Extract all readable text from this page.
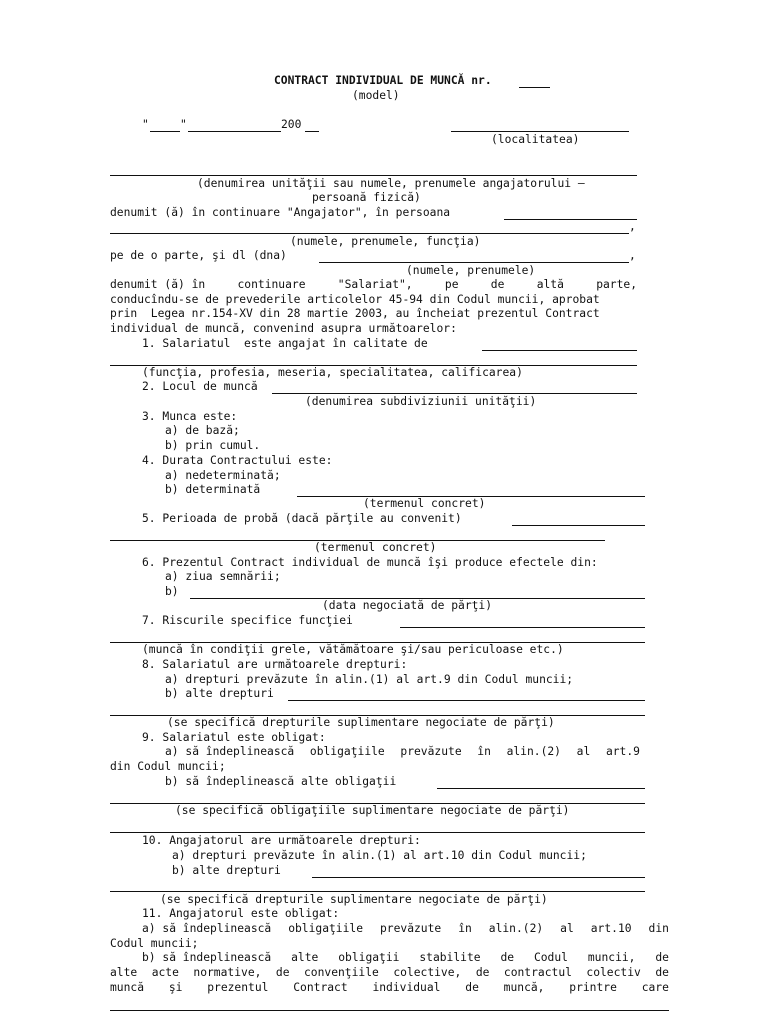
CONTRACT INDIVIDUAL DE MUNCĂ nr.
(model)
"	"	200
(localitatea)
(denumirea unităţii sau numele, prenumele angajatorului –
persoană fizică)
denumit (ă) în continuare "Angajator", în persoana
,
(numele, prenumele, funcţia)
pe de o parte, şi dl (dna)	,
(numele, prenumele)
denumit (ă) în	continuare	"Salariat",	pe	de	altă	parte,
conducîndu-se de prevederile articolelor 45-94 din Codul muncii, aprobat
prin  Legea nr.154-XV din 28 martie 2003, au încheiat prezentul Contract
individual de muncă, convenind asupra următoarelor:
1. Salariatul  este angajat în calitate de
(funcţia, profesia, meseria, specialitatea, calificarea)
2. Locul de muncă
(denumirea subdiviziunii unităţii)
3. Munca este:
a) de bază;
b) prin cumul.
4. Durata Contractului este:
a) nedeterminată;
b) determinată
(termenul concret)
5. Perioada de probă (dacă părţile au convenit)
(termenul concret)
6. Prezentul Contract individual de muncă îşi produce efectele din:
a) ziua semnării;
b)
(data negociată de părţi)
7. Riscurile specifice funcţiei
(muncă în condiţii grele, vătămătoare şi/sau periculoase etc.)
8. Salariatul are următoarele drepturi:
a) drepturi prevăzute în alin.(1) al art.9 din Codul muncii;
b) alte drepturi
(se specifică drepturile suplimentare negociate de părţi)
9. Salariatul este obligat:
a) să îndeplinească obligaţiile prevăzute în alin.(2) al art.9
din Codul muncii;
b) să îndeplinească alte obligaţii
(se specifică obligaţiile suplimentare negociate de părţi)
10. Angajatorul are următoarele drepturi:
a) drepturi prevăzute în alin.(1) al art.10 din Codul muncii;
b) alte drepturi
(se specifică drepturile suplimentare negociate de părţi)
11. Angajatorul este obligat:
a) să îndeplinească obligaţiile prevăzute în alin.(2) al art.10 din
Codul muncii;
b) să îndeplinească alte obligaţii stabilite de Codul muncii, de
alte acte normative, de convenţiile colective, de contractul colectiv de
muncă şi prezentul Contract individual de muncă, printre care
